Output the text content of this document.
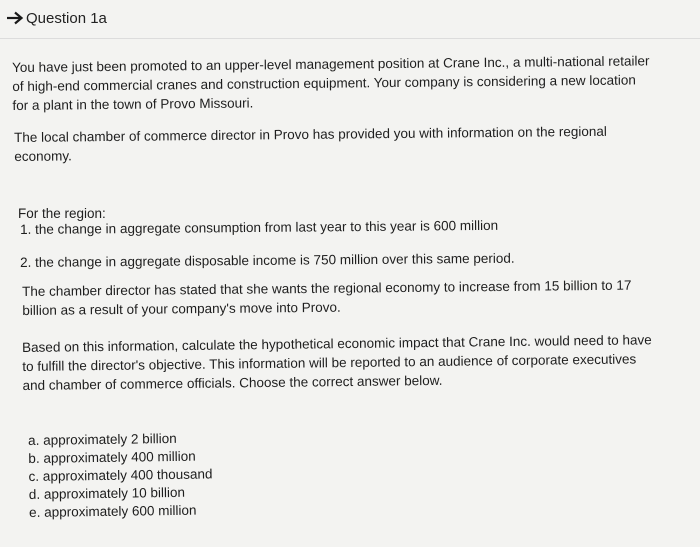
Question 1a

You have just been promoted to an upper-level management position at Crane Inc., a multi-national retailer of high-end commercial cranes and construction equipment. Your company is considering a new location for a plant in the town of Provo Missouri.

The local chamber of commerce director in Provo has provided you with information on the regional economy.

For the region:

1. the change in aggregate consumption from last year to this year is 600 million

2. the change in aggregate disposable income is 750 million over this same period.

The chamber director has stated that she wants the regional economy to increase from 15 billion to 17 billion as a result of your company's move into Provo.

Based on this information, calculate the hypothetical economic impact that Crane Inc. would need to have to fulfill the director's objective. This information will be reported to an audience of corporate executives and chamber of commerce officials. Choose the correct answer below.

a. approximately 2 billion
b. approximately 400 million
c. approximately 400 thousand
d. approximately 10 billion
e. approximately 600 million
